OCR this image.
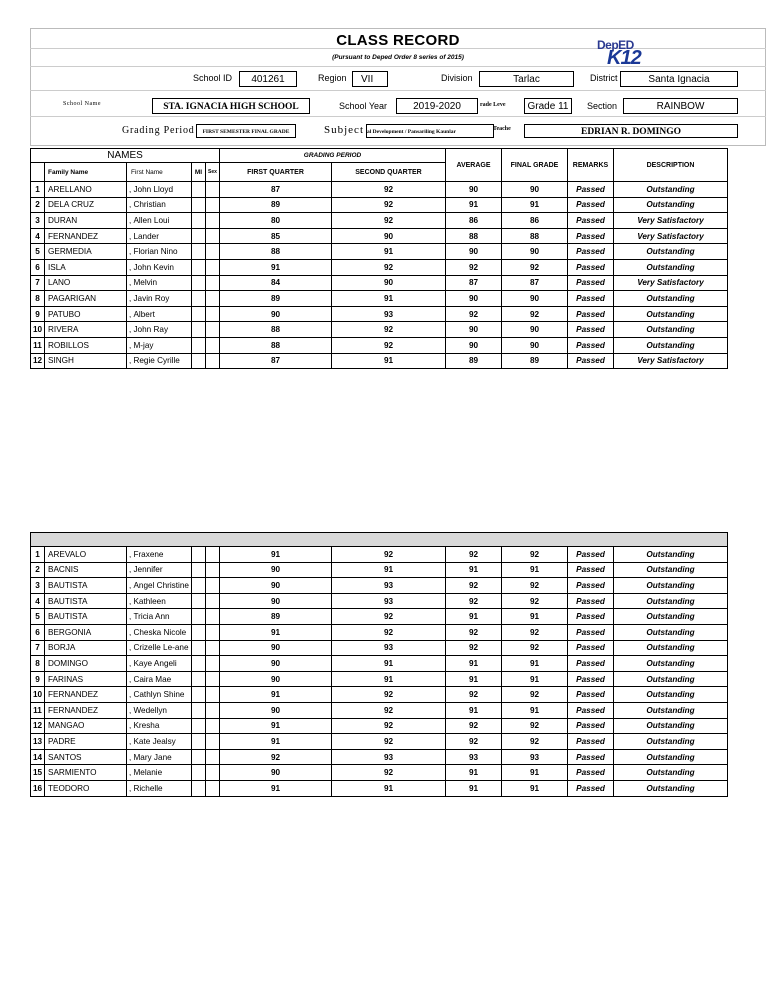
CLASS RECORD
(Pursuant to Deped Order 8 series of 2015)
DepED
K12
School ID	401261	Region	VII	Division	Tarlac	District	Santa Ignacia
School Name	STA. IGNACIA HIGH SCHOOL	School Year	2019-2020	rade Leve	Grade 11	Section	RAINBOW
Grading Period	FIRST SEMESTER FINAL GRADE	Subject al Development / Pansariling Kaunlar	Teache	EDRIAN R. DOMINGO
NAMES					GRADING PERIOD		AVERAGE	FINAL GRADE	REMARKS	DESCRIPTION
	Family Name	First Name	MI	Sex	FIRST QUARTER	SECOND QUARTER				
1	ARELLANO	, John Lloyd			87	92	90	90	Passed	Outstanding
2	DELA CRUZ	, Christian			89	92	91	91	Passed	Outstanding
3	DURAN	, Allen Loui			80	92	86	86	Passed	Very Satisfactory
4	FERNANDEZ	, Lander			85	90	88	88	Passed	Very Satisfactory
5	GERMEDIA	, Florian Nino			88	91	90	90	Passed	Outstanding
6	ISLA	, John Kevin			91	92	92	92	Passed	Outstanding
7	LANO	, Melvin			84	90	87	87	Passed	Very Satisfactory
8	PAGARIGAN	, Javin Roy			89	91	90	90	Passed	Outstanding
9	PATUBO	, Albert			90	93	92	92	Passed	Outstanding
10	RIVERA	, John Ray			88	92	90	90	Passed	Outstanding
11	ROBILLOS	, M-jay			88	92	90	90	Passed	Outstanding
12	SINGH	, Regie Cyrille			87	91	89	89	Passed	Very Satisfactory

1	AREVALO	, Fraxene			91	92	92	92	Passed	Outstanding
2	BACNIS	, Jennifer			90	91	91	91	Passed	Outstanding
3	BAUTISTA	, Angel Christine			90	93	92	92	Passed	Outstanding
4	BAUTISTA	, Kathleen			90	93	92	92	Passed	Outstanding
5	BAUTISTA	, Tricia Ann			89	92	91	91	Passed	Outstanding
6	BERGONIA	, Cheska Nicole			91	92	92	92	Passed	Outstanding
7	BORJA	, Crizelle Le-ane			90	93	92	92	Passed	Outstanding
8	DOMINGO	, Kaye Angeli			90	91	91	91	Passed	Outstanding
9	FARINAS	, Caira Mae			90	91	91	91	Passed	Outstanding
10	FERNANDEZ	, Cathlyn Shine			91	92	92	92	Passed	Outstanding
11	FERNANDEZ	, Wedellyn			90	92	91	91	Passed	Outstanding
12	MANGAO	, Kresha			91	92	92	92	Passed	Outstanding
13	PADRE	, Kate Jealsy			91	92	92	92	Passed	Outstanding
14	SANTOS	, Mary Jane			92	93	93	93	Passed	Outstanding
15	SARMIENTO	, Melanie			90	92	91	91	Passed	Outstanding
16	TEODORO	, Richelle			91	91	91	91	Passed	Outstanding
